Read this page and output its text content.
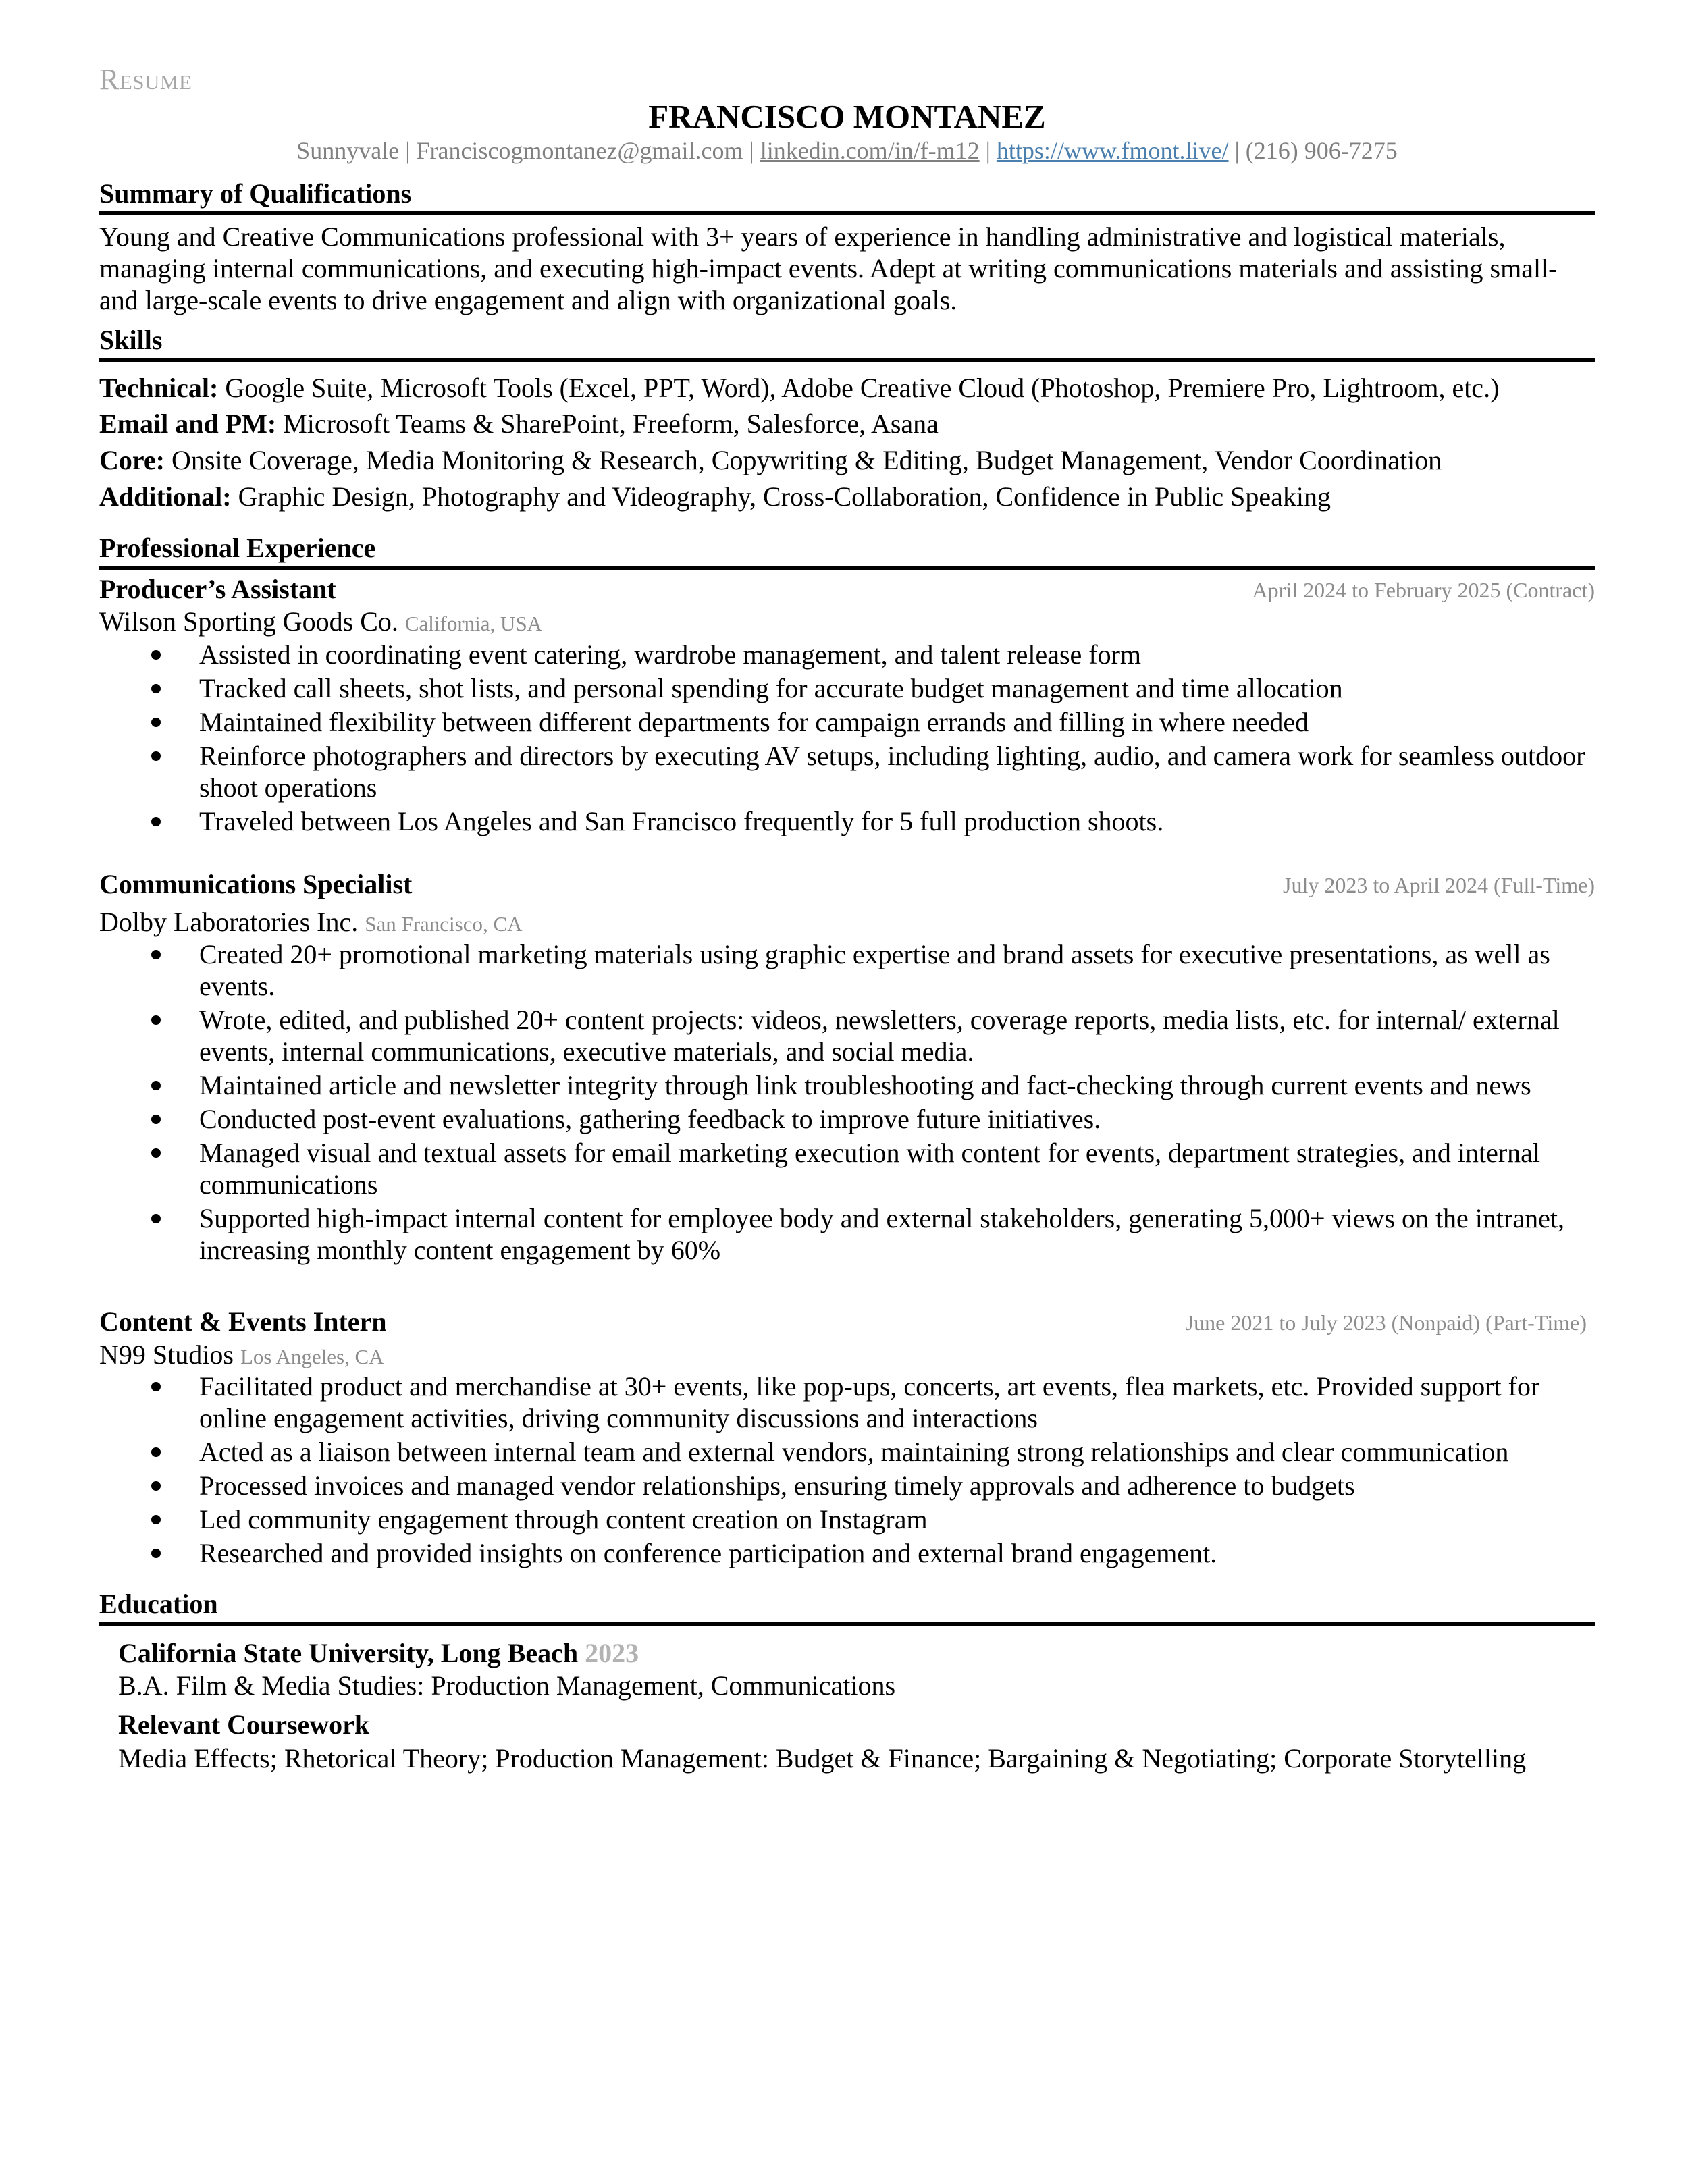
Resume
FRANCISCO MONTANEZ
Sunnyvale | Franciscogmontanez@gmail.com | linkedin.com/in/f-m12 | https://www.fmont.live/ | (216) 906-7275
Summary of Qualifications
Young and Creative Communications professional with 3+ years of experience in handling administrative and logistical materials, managing internal communications, and executing high-impact events. Adept at writing communications materials and assisting small- and large-scale events to drive engagement and align with organizational goals.
Skills
Technical: Google Suite, Microsoft Tools (Excel, PPT, Word), Adobe Creative Cloud (Photoshop, Premiere Pro, Lightroom, etc.)
Email and PM: Microsoft Teams & SharePoint, Freeform, Salesforce, Asana
Core: Onsite Coverage, Media Monitoring & Research, Copywriting & Editing, Budget Management, Vendor Coordination
Additional: Graphic Design, Photography and Videography, Cross-Collaboration, Confidence in Public Speaking
Professional Experience
Producer’s Assistant	April 2024 to February 2025 (Contract)
Wilson Sporting Goods Co. California, USA
Assisted in coordinating event catering, wardrobe management, and talent release form
Tracked call sheets, shot lists, and personal spending for accurate budget management and time allocation
Maintained flexibility between different departments for campaign errands and filling in where needed
Reinforce photographers and directors by executing AV setups, including lighting, audio, and camera work for seamless outdoor shoot operations
Traveled between Los Angeles and San Francisco frequently for 5 full production shoots.
Communications Specialist	July 2023 to April 2024 (Full-Time)
Dolby Laboratories Inc. San Francisco, CA
Created 20+ promotional marketing materials using graphic expertise and brand assets for executive presentations, as well as events.
Wrote, edited, and published 20+ content projects: videos, newsletters, coverage reports, media lists, etc. for internal/ external events, internal communications, executive materials, and social media.
Maintained article and newsletter integrity through link troubleshooting and fact-checking through current events and news
Conducted post-event evaluations, gathering feedback to improve future initiatives.
Managed visual and textual assets for email marketing execution with content for events, department strategies, and internal communications
Supported high-impact internal content for employee body and external stakeholders, generating 5,000+ views on the intranet, increasing monthly content engagement by 60%
Content & Events Intern	June 2021 to July 2023 (Nonpaid) (Part-Time)
N99 Studios Los Angeles, CA
Facilitated product and merchandise at 30+ events, like pop-ups, concerts, art events, flea markets, etc. Provided support for online engagement activities, driving community discussions and interactions
Acted as a liaison between internal team and external vendors, maintaining strong relationships and clear communication
Processed invoices and managed vendor relationships, ensuring timely approvals and adherence to budgets
Led community engagement through content creation on Instagram
Researched and provided insights on conference participation and external brand engagement.
Education
California State University, Long Beach 2023
B.A. Film & Media Studies: Production Management, Communications
Relevant Coursework
Media Effects; Rhetorical Theory; Production Management: Budget & Finance; Bargaining & Negotiating; Corporate Storytelling
